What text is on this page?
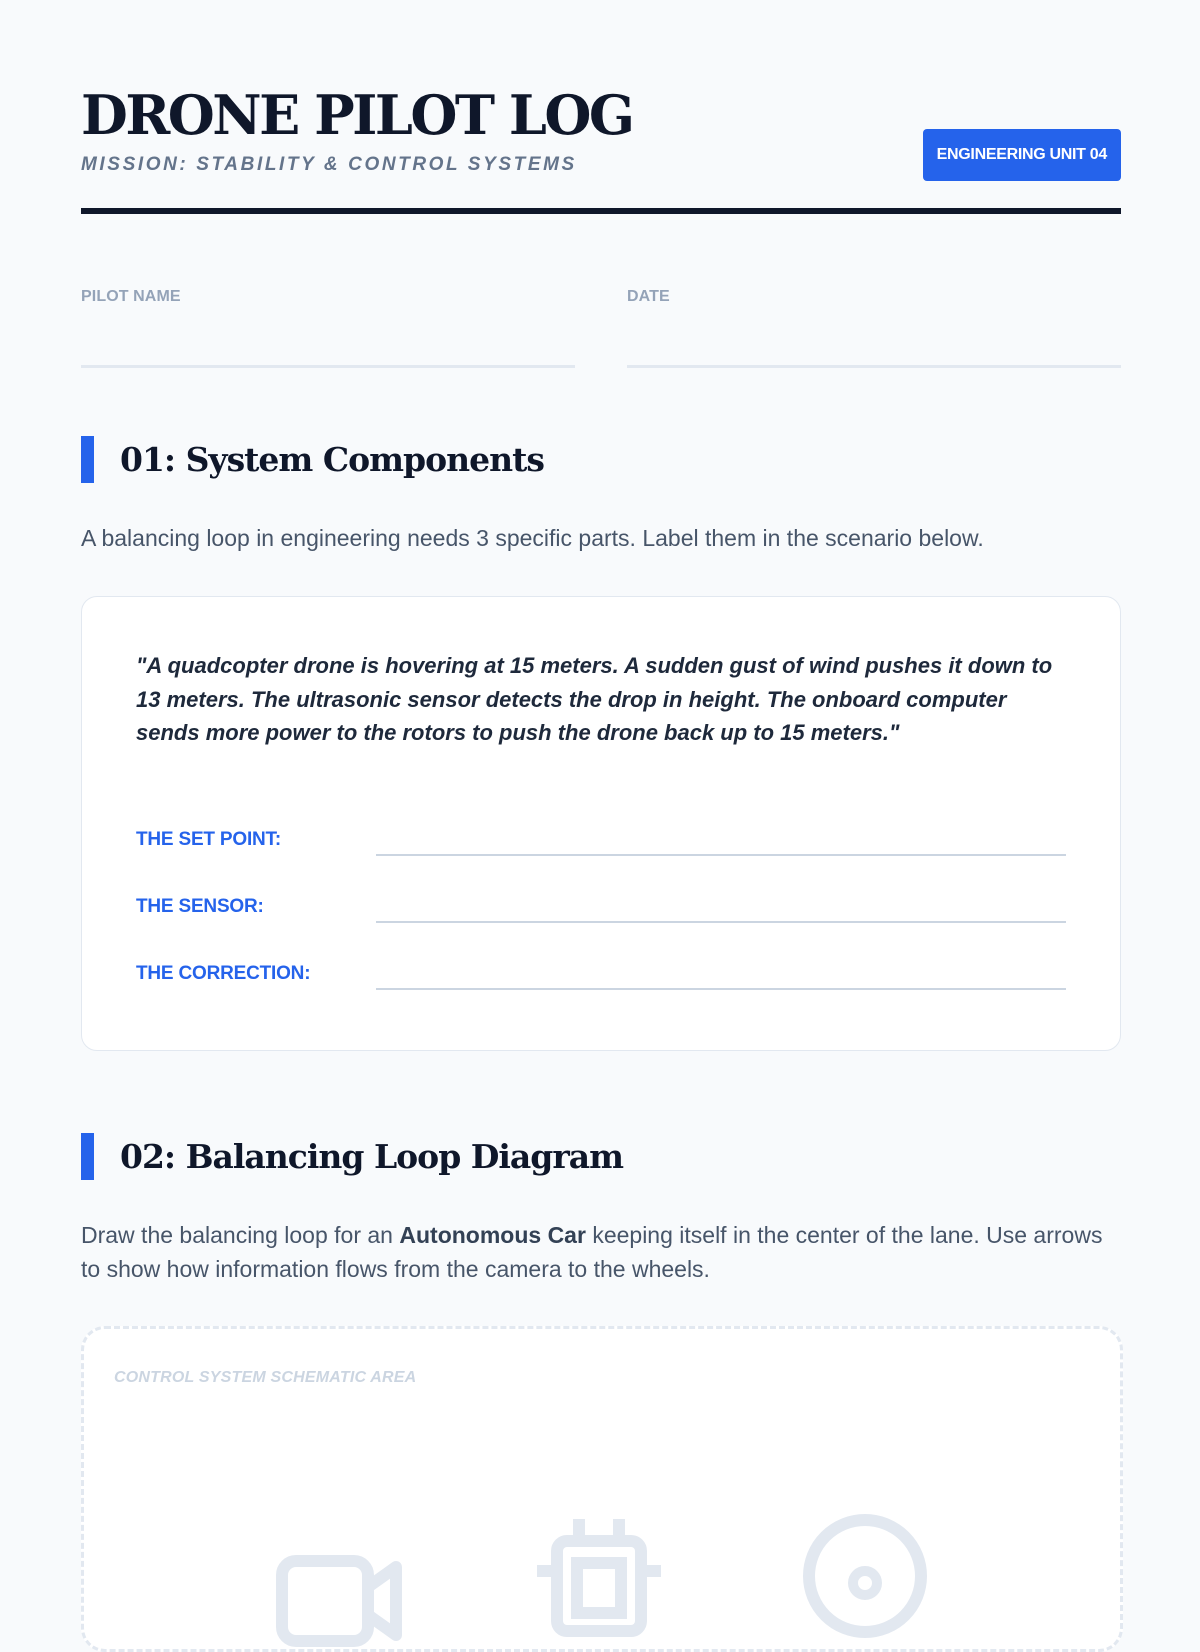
DRONE PILOT LOG
MISSION: STABILITY & CONTROL SYSTEMS	ENGINEERING UNIT 04
PILOT NAME	DATE
01: System Components

A balancing loop in engineering needs 3 specific parts. Label them in the scenario below.

"A quadcopter drone is hovering at 15 meters. A sudden gust of wind pushes it down to 13 meters. The ultrasonic sensor detects the drop in height. The onboard computer sends more power to the rotors to push the drone back up to 15 meters."

THE SET POINT:
THE SENSOR:
THE CORRECTION:
02: Balancing Loop Diagram

Draw the balancing loop for an Autonomous Car keeping itself in the center of the lane. Use arrows to show how information flows from the camera to the wheels.

CONTROL SYSTEM SCHEMATIC AREA
